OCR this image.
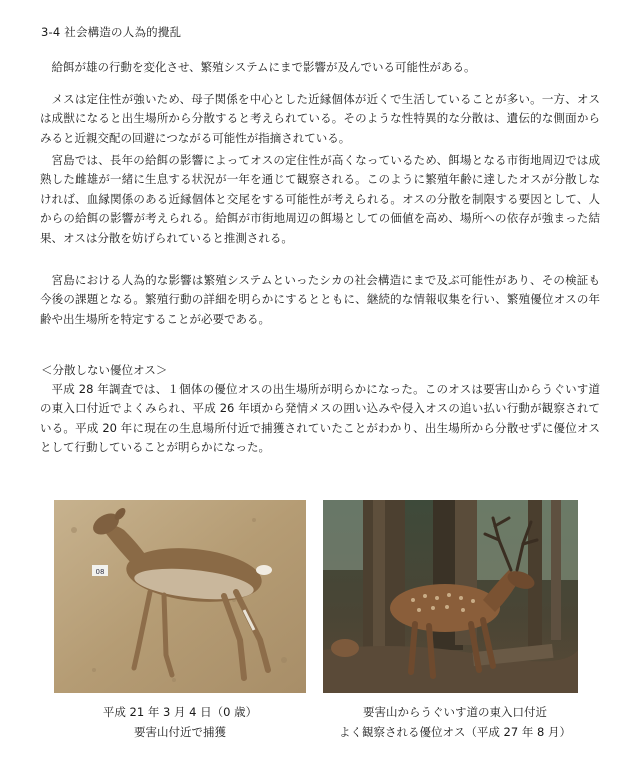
3-4 社会構造の人為的攪乱

給餌が雄の行動を変化させ、繁殖システムにまで影響が及んでいる可能性がある。

メスは定住性が強いため、母子関係を中心とした近縁個体が近くで生活していることが多い。一方、オスは成獣になると出生場所から分散すると考えられている。そのような性特異的な分散は、遺伝的な側面からみると近親交配の回避につながる可能性が指摘されている。

宮島では、長年の給餌の影響によってオスの定住性が高くなっているため、餌場となる市街地周辺では成熟した雌雄が一緒に生息する状況が一年を通じて観察される。このように繁殖年齢に達したオスが分散しなければ、血縁関係のある近縁個体と交尾をする可能性が考えられる。オスの分散を制限する要因として、人からの給餌の影響が考えられる。給餌が市街地周辺の餌場としての価値を高め、場所への依存が強まった結果、オスは分散を妨げられていると推測される。

宮島における人為的な影響は繁殖システムといったシカの社会構造にまで及ぶ可能性があり、その検証も今後の課題となる。繁殖行動の詳細を明らかにするとともに、継続的な情報収集を行い、繁殖優位オスの年齢や出生場所を特定することが必要である。

＜分散しない優位オス＞

平成 28 年調査では、１個体の優位オスの出生場所が明らかになった。このオスは要害山からうぐいす道の東入口付近でよくみられ、平成 26 年頃から発情メスの囲い込みや侵入オスの追い払い行動が観察されている。平成 20 年に現在の生息場所付近で捕獲されていたことがわかり、出生場所から分散せずに優位オスとして行動していることが明らかになった。

08
平成 21 年 3 月 4 日（0 歳）
要害山付近で捕獲
要害山からうぐいす道の東入口付近
よく観察される優位オス（平成 27 年 8 月）
